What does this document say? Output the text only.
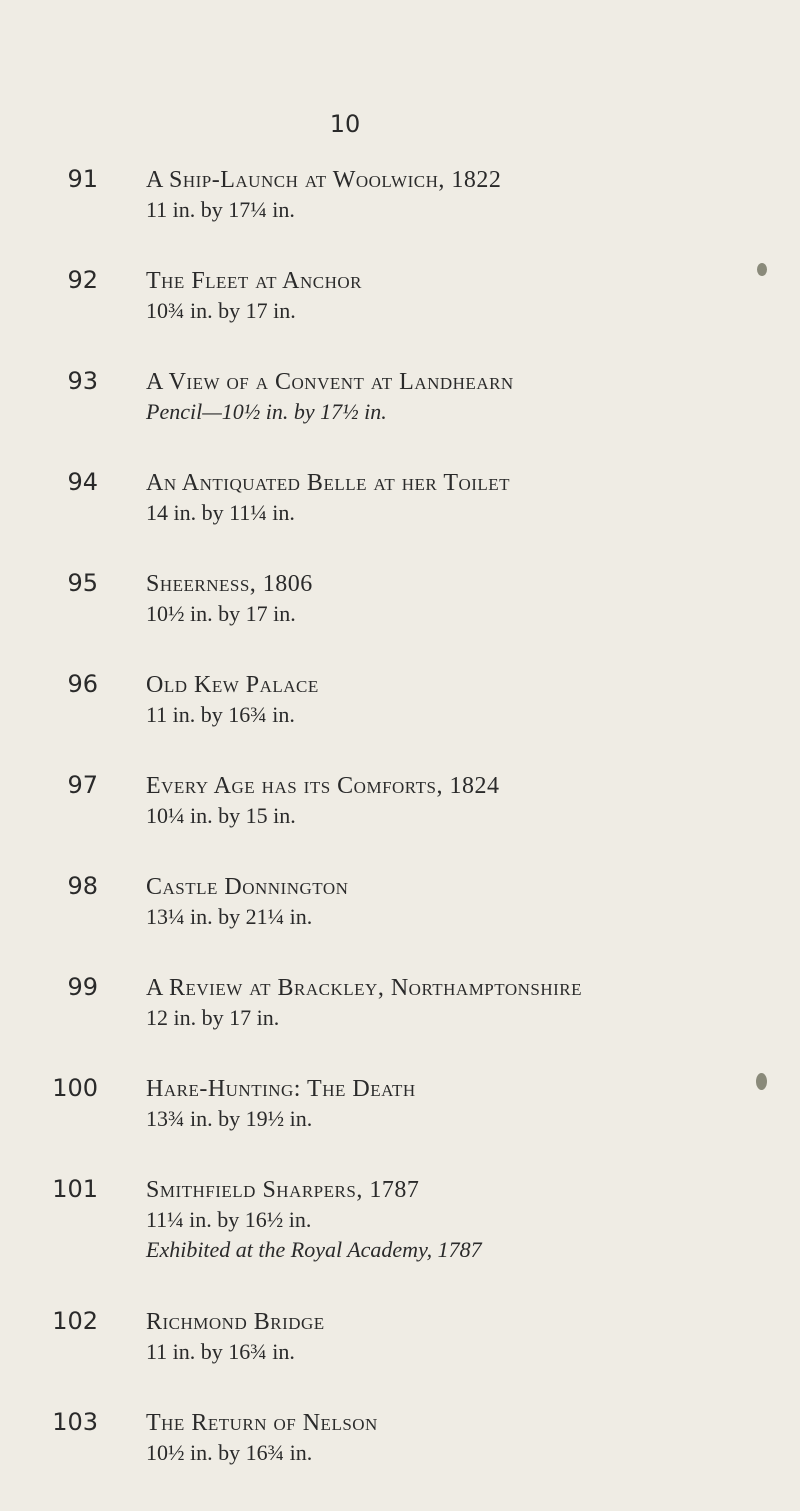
10
91 A Ship-Launch at Woolwich, 1822
11 in. by 17¼ in.
92 The Fleet at Anchor
10¾ in. by 17 in.
93 A View of a Convent at Landhearn
Pencil—10½ in. by 17½ in.
94 An Antiquated Belle at her Toilet
14 in. by 11¼ in.
95 Sheerness, 1806
10½ in. by 17 in.
96 Old Kew Palace
11 in. by 16¾ in.
97 Every Age has its Comforts, 1824
10¼ in. by 15 in.
98 Castle Donnington
13¼ in. by 21¼ in.
99 A Review at Brackley, Northamptonshire
12 in. by 17 in.
100 Hare-Hunting: The Death
13¾ in. by 19½ in.
101 Smithfield Sharpers, 1787
11¼ in. by 16½ in.
Exhibited at the Royal Academy, 1787
102 Richmond Bridge
11 in. by 16¾ in.
103 The Return of Nelson
10½ in. by 16¾ in.
